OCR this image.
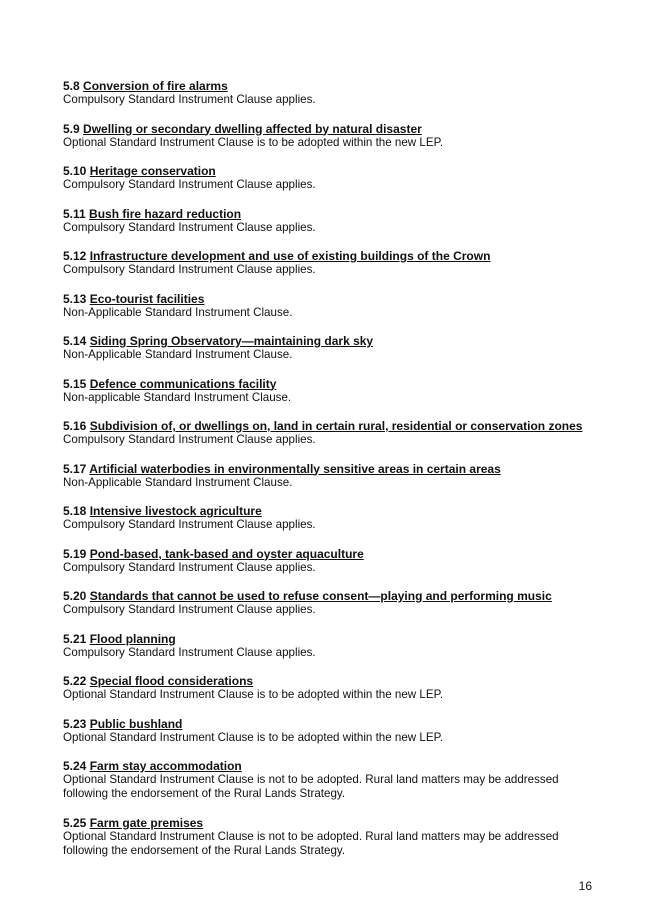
5.8 Conversion of fire alarms

Compulsory Standard Instrument Clause applies.

5.9 Dwelling or secondary dwelling affected by natural disaster

Optional Standard Instrument Clause is to be adopted within the new LEP.

5.10 Heritage conservation

Compulsory Standard Instrument Clause applies.

5.11 Bush fire hazard reduction

Compulsory Standard Instrument Clause applies.

5.12 Infrastructure development and use of existing buildings of the Crown

Compulsory Standard Instrument Clause applies.

5.13 Eco-tourist facilities

Non-Applicable Standard Instrument Clause.

5.14 Siding Spring Observatory—maintaining dark sky

Non-Applicable Standard Instrument Clause.

5.15 Defence communications facility

Non-applicable Standard Instrument Clause.

5.16 Subdivision of, or dwellings on, land in certain rural, residential or conservation zones

Compulsory Standard Instrument Clause applies.

5.17 Artificial waterbodies in environmentally sensitive areas in certain areas

Non-Applicable Standard Instrument Clause.

5.18 Intensive livestock agriculture

Compulsory Standard Instrument Clause applies.

5.19 Pond-based, tank-based and oyster aquaculture

Compulsory Standard Instrument Clause applies.

5.20 Standards that cannot be used to refuse consent—playing and performing music

Compulsory Standard Instrument Clause applies.

5.21 Flood planning

Compulsory Standard Instrument Clause applies.

5.22 Special flood considerations

Optional Standard Instrument Clause is to be adopted within the new LEP.

5.23 Public bushland

Optional Standard Instrument Clause is to be adopted within the new LEP.

5.24 Farm stay accommodation

Optional Standard Instrument Clause is not to be adopted. Rural land matters may be addressed following the endorsement of the Rural Lands Strategy.

5.25 Farm gate premises

Optional Standard Instrument Clause is not to be adopted. Rural land matters may be addressed following the endorsement of the Rural Lands Strategy.

16
